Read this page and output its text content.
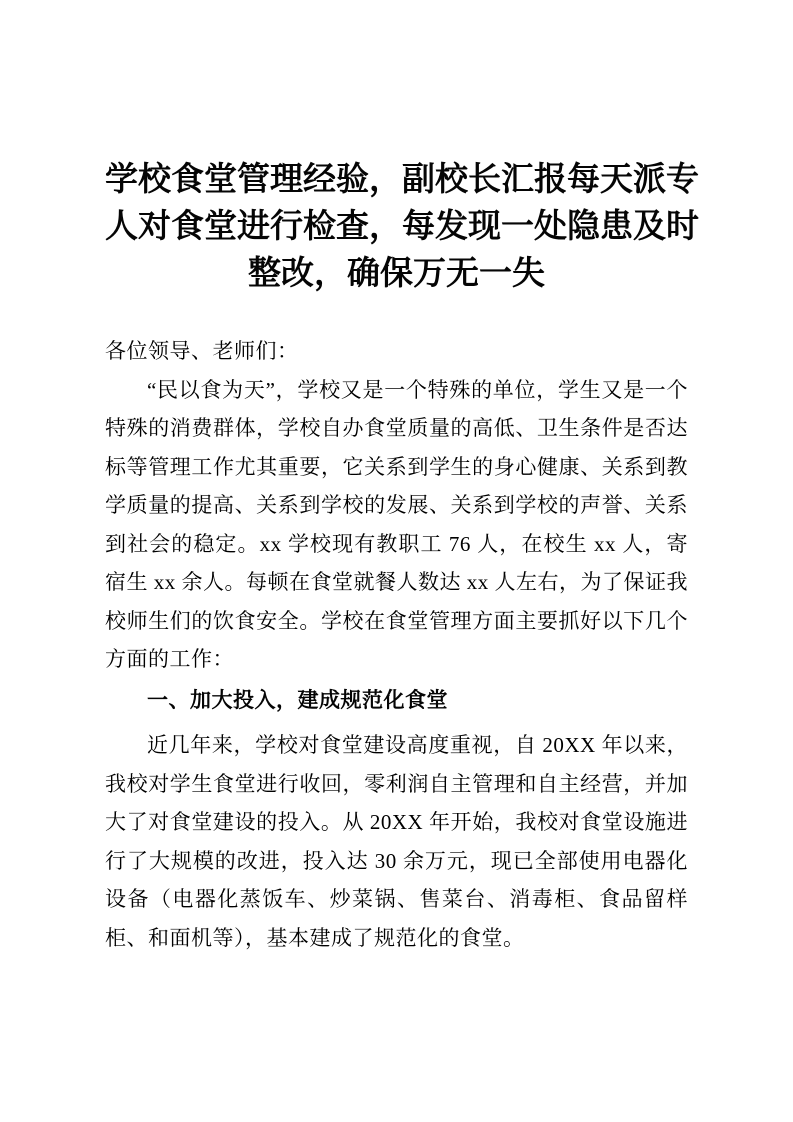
学校食堂管理经验，副校长汇报每天派专
人对食堂进行检查，每发现一处隐患及时
整改，确保万无一失

各位领导、老师们：

“民以食为天”，学校又是一个特殊的单位，学生又是一个特殊的消费群体，学校自办食堂质量的高低、卫生条件是否达标等管理工作尤其重要，它关系到学生的身心健康、关系到教学质量的提高、关系到学校的发展、关系到学校的声誉、关系到社会的稳定。xx 学校现有教职工 76 人，在校生 xx 人，寄宿生 xx 余人。每顿在食堂就餐人数达 xx 人左右，为了保证我校师生们的饮食安全。学校在食堂管理方面主要抓好以下几个方面的工作：

一、加大投入，建成规范化食堂

近几年来，学校对食堂建设高度重视，自 20XX 年以来，我校对学生食堂进行收回，零利润自主管理和自主经营，并加大了对食堂建设的投入。从 20XX 年开始，我校对食堂设施进行了大规模的改进，投入达 30 余万元，现已全部使用电器化设备（电器化蒸饭车、炒菜锅、售菜台、消毒柜、食品留样柜、和面机等），基本建成了规范化的食堂。
